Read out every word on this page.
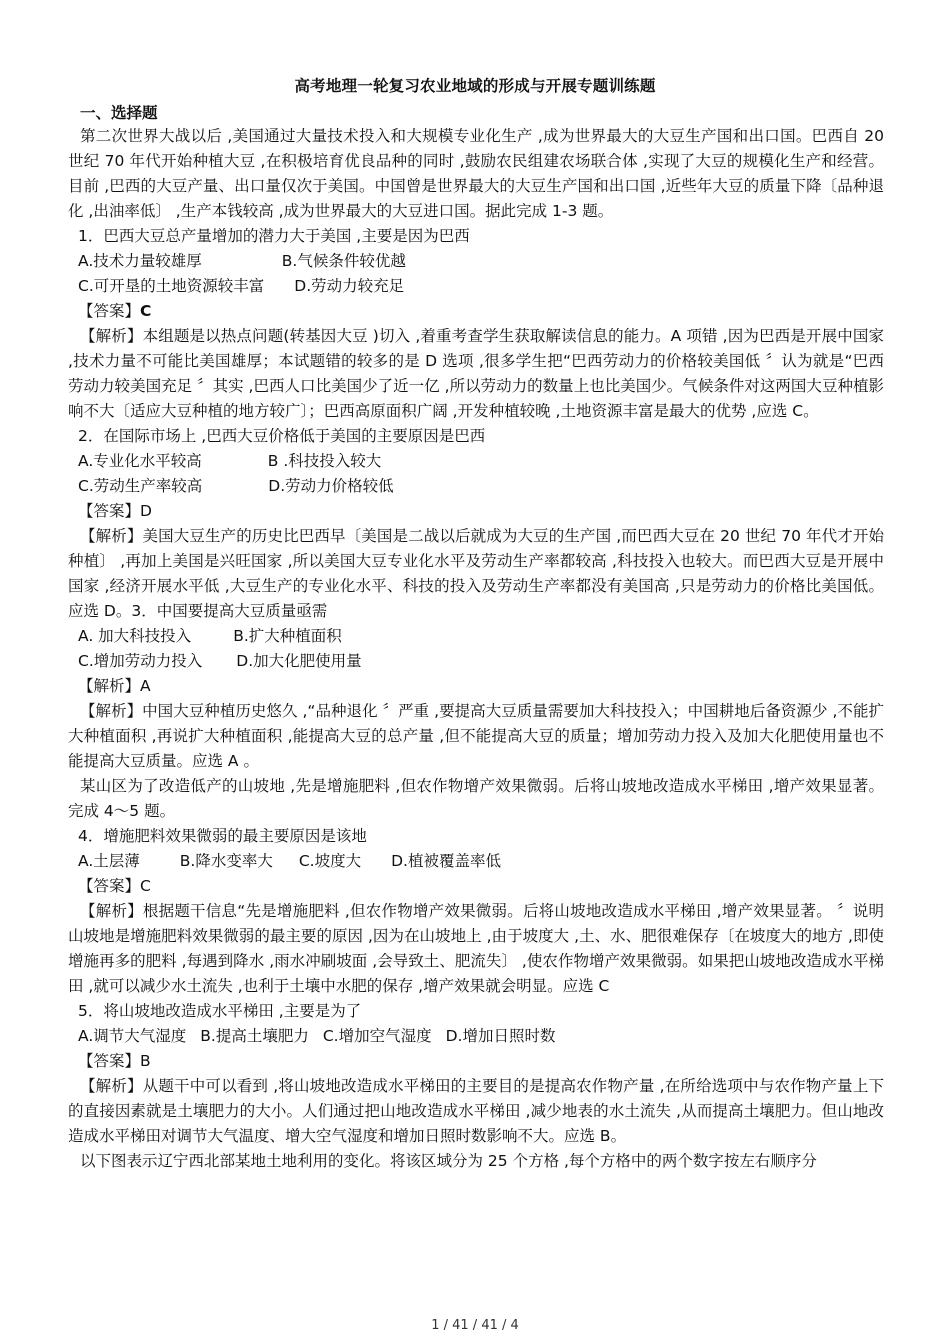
高考地理一轮复习农业地域的形成与开展专题训练题
一、选择题

第二次世界大战以后 ,美国通过大量技术投入和大规模专业化生产 ,成为世界最大的大豆生产国和出口国。巴西自 20 世纪 70 年代开始种植大豆 ,在积极培育优良品种的同时 ,鼓励农民组建农场联合体 ,实现了大豆的规模化生产和经营。目前 ,巴西的大豆产量、出口量仅次于美国。中国曾是世界最大的大豆生产国和出口国 ,近些年大豆的质量下降〔品种退化 ,出油率低〕 ,生产本钱较高 ,成为世界最大的大豆进口国。据此完成 1-3 题。

1．巴西大豆总产量增加的潜力大于美国 ,主要是因为巴西

A.技术力量较雄厚	B.气候条件较优越

C.可开垦的土地资源较丰富 D.劳动力较充足

【答案】C

【解析】本组题是以热点问题(转基因大豆 )切入 ,着重考查学生获取解读信息的能力。A 项错 ,因为巴西是开展中国家 ,技术力量不可能比美国雄厚；本试题错的较多的是 D 选项 ,很多学生把“巴西劳动力的价格较美国低 〞认为就是“巴西劳动力较美国充足 〞其实 ,巴西人口比美国少了近一亿 ,所以劳动力的数量上也比美国少。气候条件对这两国大豆种植影响不大〔适应大豆种植的地方较广〕；巴西高原面积广阔 ,开发种植较晚 ,土地资源丰富是最大的优势 ,应选 C。

2．在国际市场上 ,巴西大豆价格低于美国的主要原因是巴西

A.专业化水平较高	B .科技投入较大

C.劳动生产率较高	D.劳动力价格较低

【答案】D

【解析】美国大豆生产的历史比巴西早〔美国是二战以后就成为大豆的生产国 ,而巴西大豆在 20 世纪 70 年代才开始种植〕 ,再加上美国是兴旺国家 ,所以美国大豆专业化水平及劳动生产率都较高 ,科技投入也较大。而巴西大豆是开展中国家 ,经济开展水平低 ,大豆生产的专业化水平、科技的投入及劳动生产率都没有美国高 ,只是劳动力的价格比美国低。应选 D。3．中国要提高大豆质量亟需

A. 加大科技投入	B.扩大种植面积

C.增加劳动力投入 D.加大化肥使用量

【解析】A

【解析】中国大豆种植历史悠久 ,“品种退化 〞严重 ,要提高大豆质量需要加大科技投入；中国耕地后备资源少 ,不能扩大种植面积 ,再说扩大种植面积 ,能提高大豆的总产量 ,但不能提高大豆的质量；增加劳动力投入及加大化肥使用量也不能提高大豆质量。应选 A 。

某山区为了改造低产的山坡地 ,先是增施肥料 ,但农作物增产效果微弱。后将山坡地改造成水平梯田 ,增产效果显著。完成 4～5 题。

4．增施肥料效果微弱的最主要原因是该地

A.土层薄	B.降水变率大 C.坡度大 D.植被覆盖率低

【答案】C

【解析】根据题干信息“先是增施肥料 ,但农作物增产效果微弱。后将山坡地改造成水平梯田 ,增产效果显著。 〞说明山坡地是增施肥料效果微弱的最主要的原因 ,因为在山坡地上 ,由于坡度大 ,土、水、肥很难保存〔在坡度大的地方 ,即使增施再多的肥料 ,每遇到降水 ,雨水冲刷坡面 ,会导致土、肥流失〕 ,使农作物增产效果微弱。如果把山坡地改造成水平梯田 ,就可以减少水土流失 ,也利于土壤中水肥的保存 ,增产效果就会明显。应选 C

5．将山坡地改造成水平梯田 ,主要是为了

A.调节大气湿度 B.提高土壤肥力 C.增加空气湿度 D.增加日照时数

【答案】B

【解析】从题干中可以看到 ,将山坡地改造成水平梯田的主要目的是提高农作物产量 ,在所给选项中与农作物产量上下的直接因素就是土壤肥力的大小。人们通过把山地改造成水平梯田 ,减少地表的水土流失 ,从而提高土壤肥力。但山地改造成水平梯田对调节大气温度、增大空气湿度和增加日照时数影响不大。应选 B。

以下图表示辽宁西北部某地土地利用的变化。将该区域分为 25 个方格 ,每个方格中的两个数字按左右顺序分

1 / 41 / 41 / 4
